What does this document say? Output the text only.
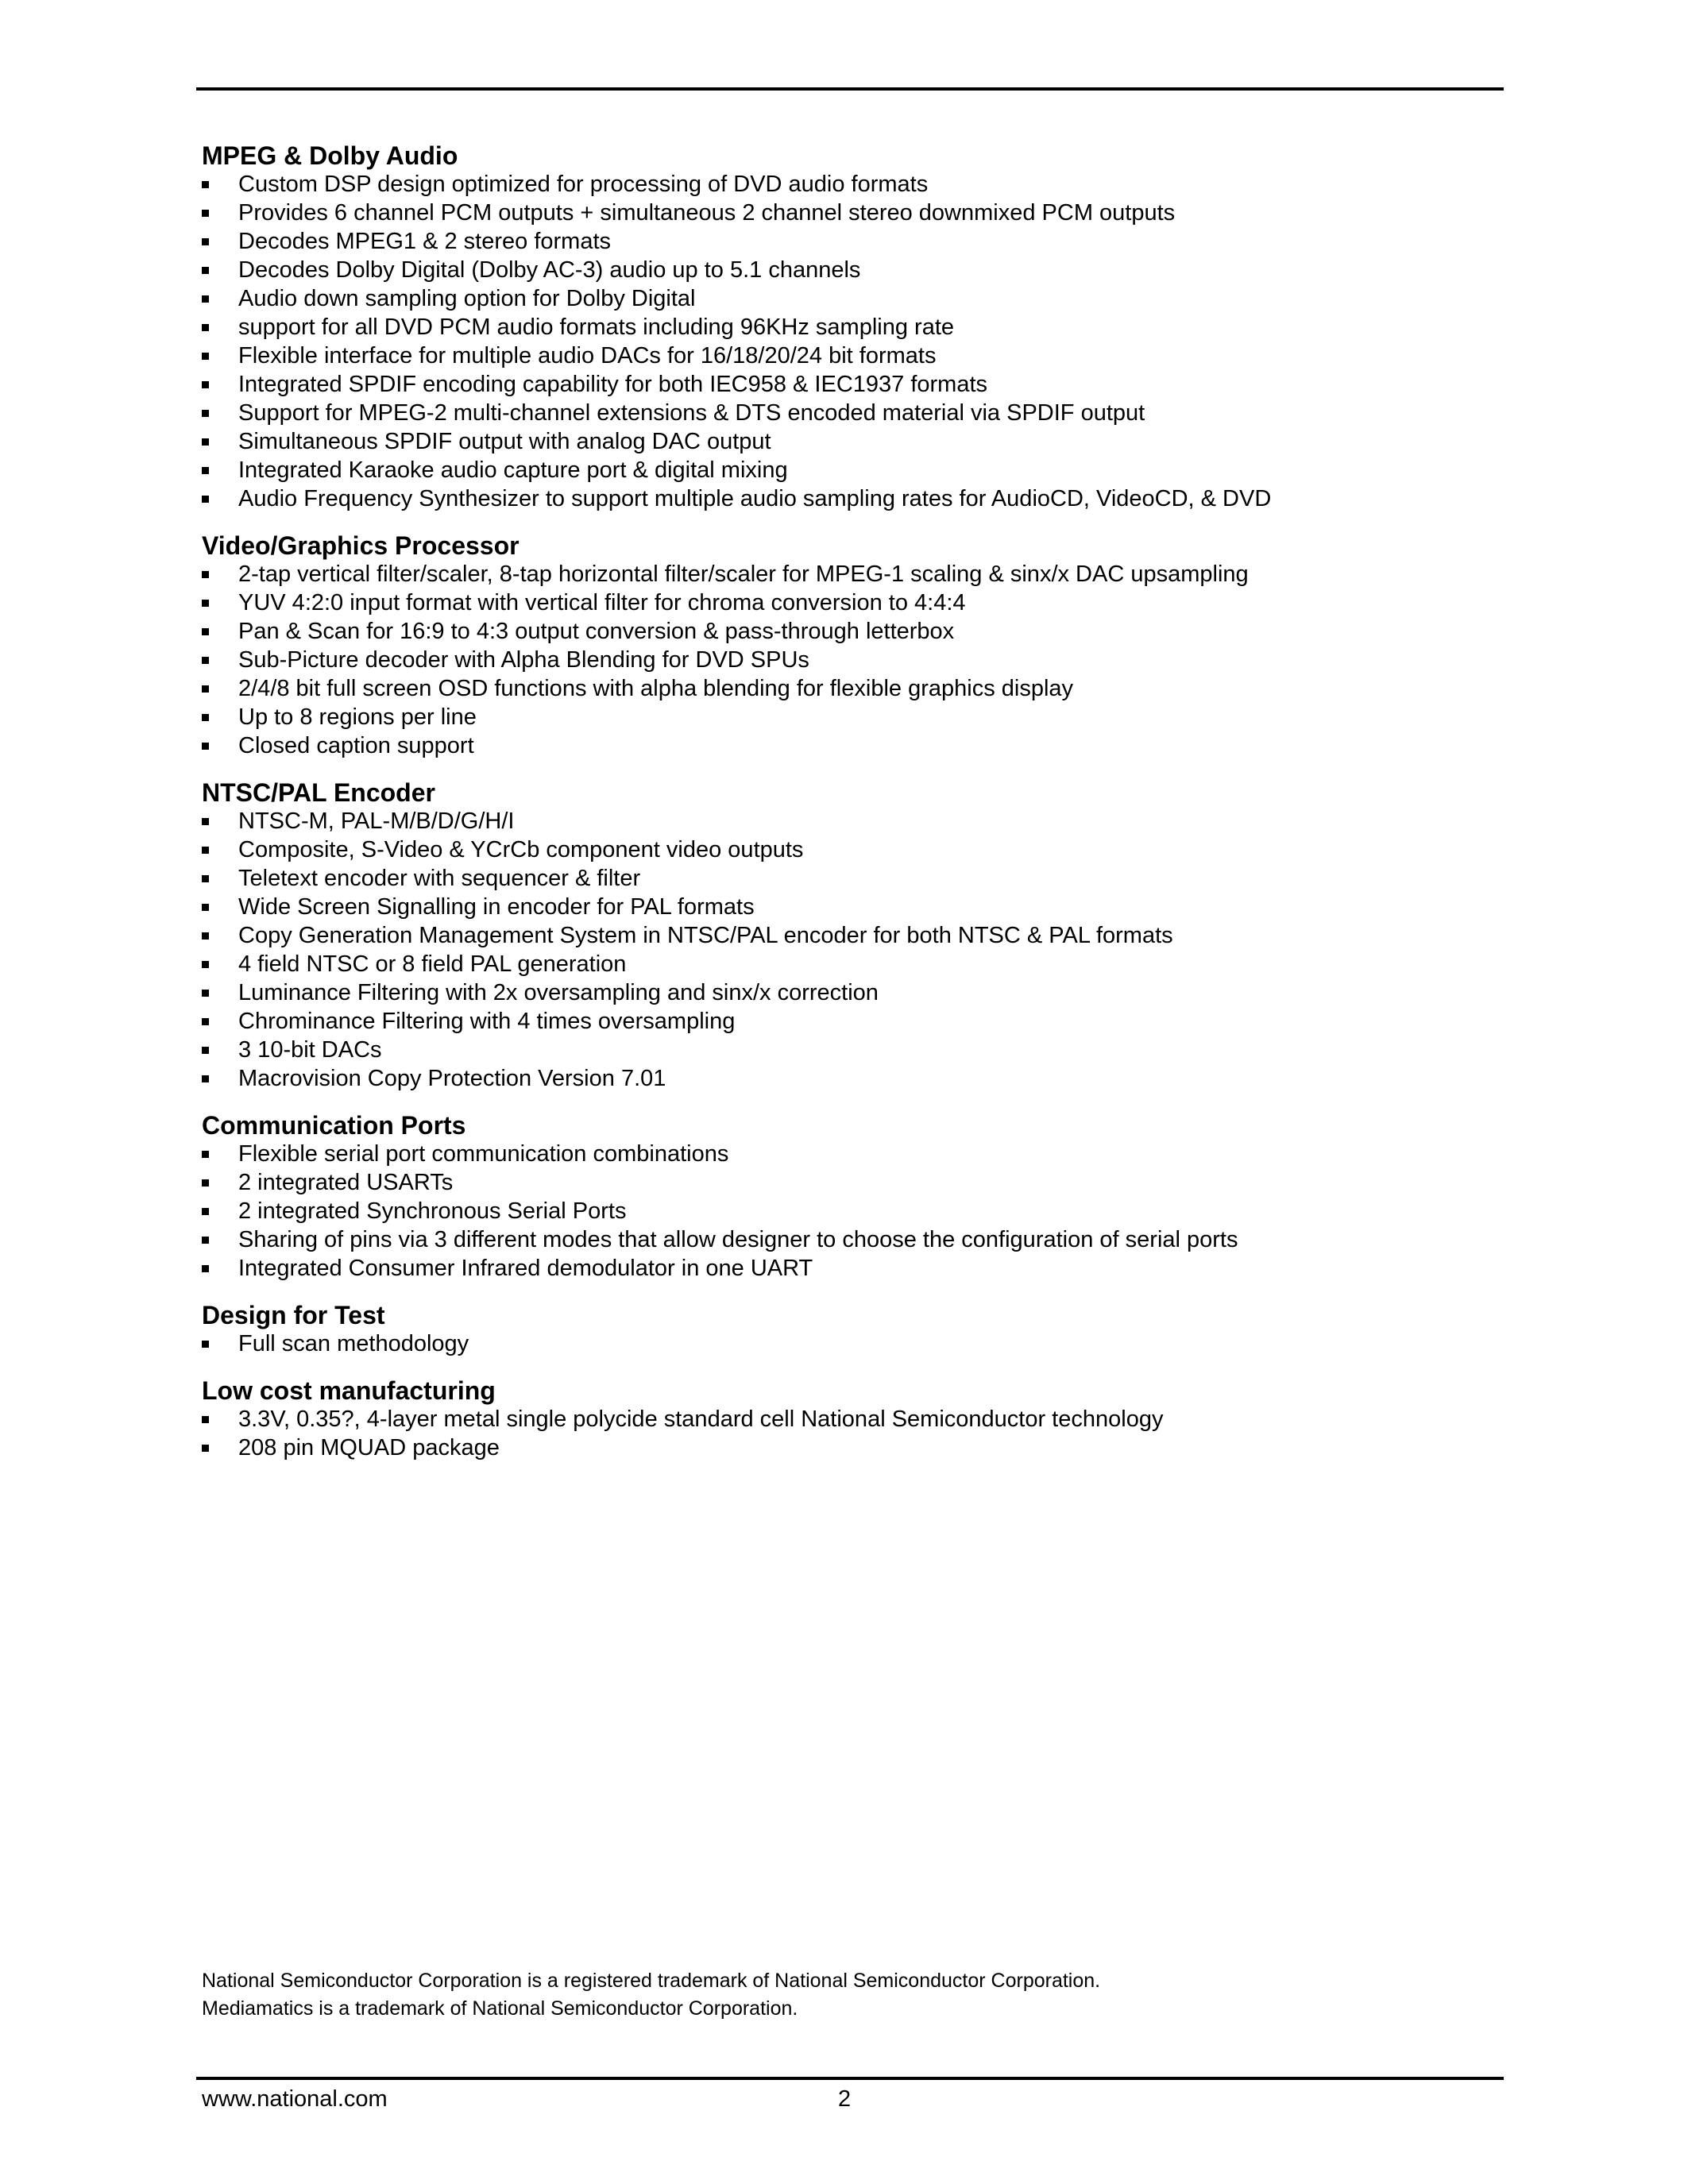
MPEG & Dolby Audio
Custom DSP design optimized for processing of DVD audio formats
Provides 6 channel PCM outputs + simultaneous 2 channel stereo downmixed PCM outputs
Decodes MPEG1 & 2 stereo formats
Decodes Dolby Digital (Dolby AC-3) audio up to 5.1 channels
Audio down sampling option for Dolby Digital
support for all DVD PCM audio formats including 96KHz sampling rate
Flexible interface for multiple audio DACs for 16/18/20/24 bit formats
Integrated SPDIF encoding capability for both IEC958 & IEC1937 formats
Support for MPEG-2 multi-channel extensions & DTS encoded material via SPDIF output
Simultaneous SPDIF output with analog DAC output
Integrated Karaoke audio capture port & digital mixing
Audio Frequency Synthesizer to support multiple audio sampling rates for AudioCD, VideoCD, & DVD
Video/Graphics Processor
2-tap vertical filter/scaler, 8-tap horizontal filter/scaler for MPEG-1 scaling & sinx/x DAC upsampling
YUV 4:2:0 input format with vertical filter for chroma conversion to 4:4:4
Pan & Scan for 16:9 to 4:3 output conversion & pass-through letterbox
Sub-Picture decoder with Alpha Blending for DVD SPUs
2/4/8 bit full screen OSD functions with alpha blending for flexible graphics display
Up to 8 regions per line
Closed caption support
NTSC/PAL Encoder
NTSC-M, PAL-M/B/D/G/H/I
Composite, S-Video & YCrCb component video outputs
Teletext encoder with sequencer & filter
Wide Screen Signalling in encoder for PAL formats
Copy Generation Management System in NTSC/PAL encoder for both NTSC & PAL formats
4 field NTSC or 8 field PAL generation
Luminance Filtering with 2x oversampling and sinx/x correction
Chrominance Filtering with 4 times oversampling
3 10-bit DACs
Macrovision Copy Protection Version 7.01
Communication Ports
Flexible serial port communication combinations
2 integrated USARTs
2 integrated Synchronous Serial Ports
Sharing of pins via 3 different modes that allow designer to choose the configuration of serial ports
Integrated Consumer Infrared demodulator in one UART
Design for Test
Full scan methodology
Low cost manufacturing
3.3V, 0.35?, 4-layer metal single polycide standard cell National Semiconductor technology
208 pin MQUAD package
National Semiconductor Corporation is a registered trademark of National Semiconductor Corporation.
Mediamatics is a trademark of National Semiconductor Corporation.
www.national.com	2
